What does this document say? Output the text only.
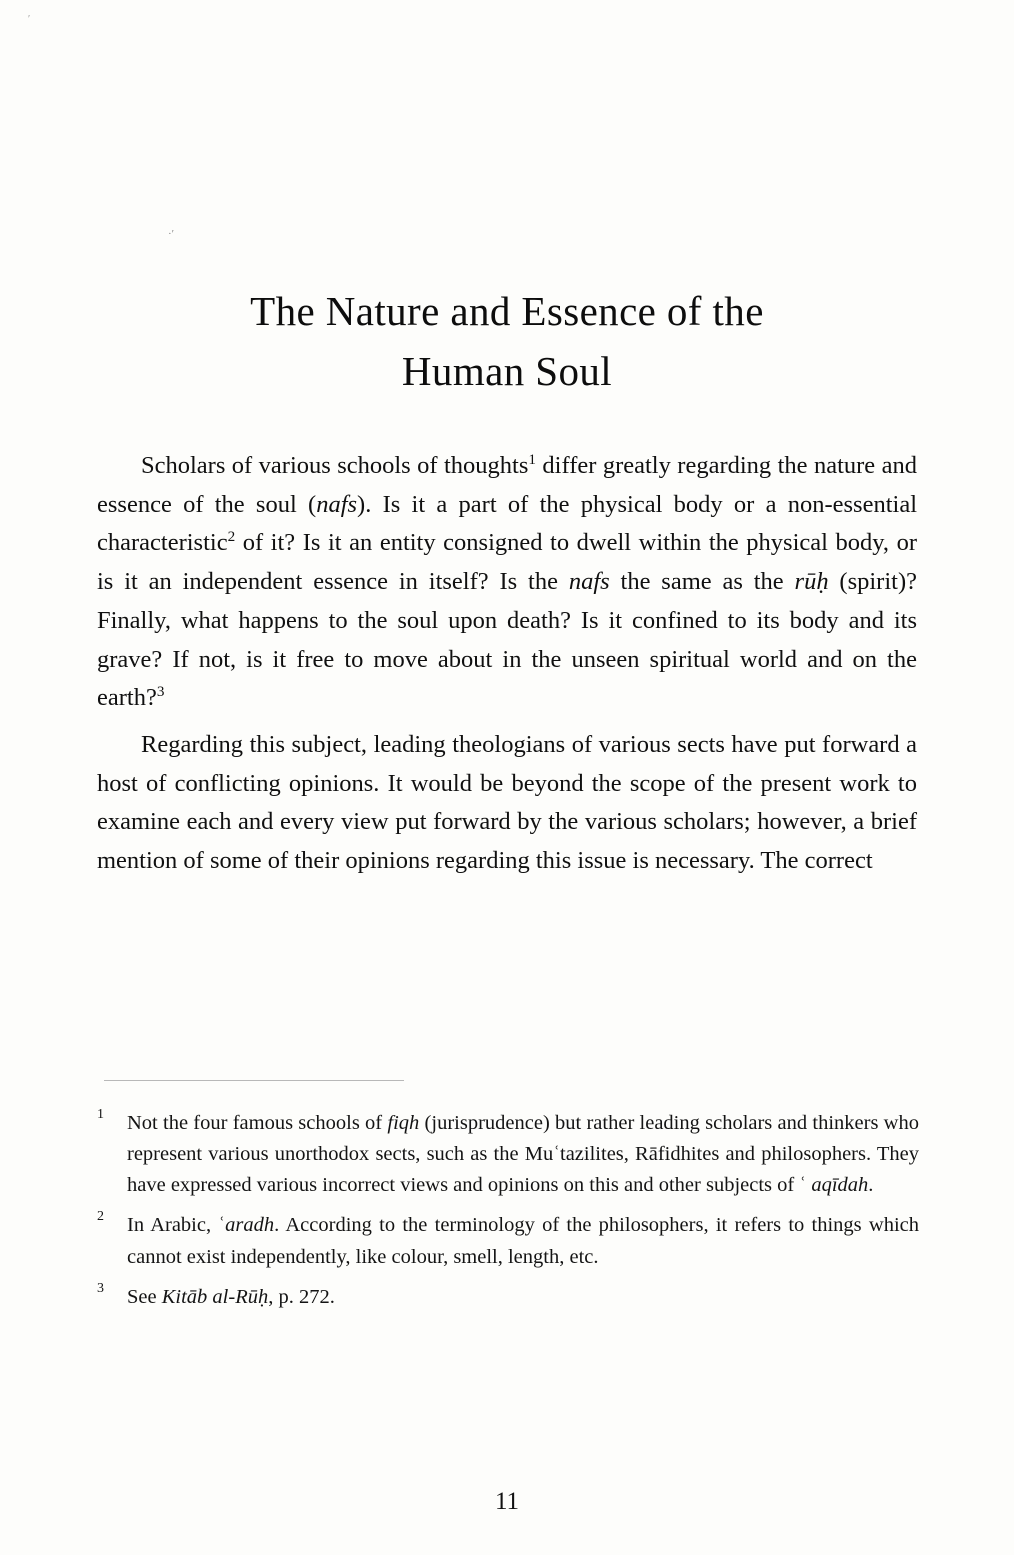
ʹ
·ʹ
The Nature and Essence of the
Human Soul

Scholars of various schools of thoughts$^1$ differ greatly regarding the nature and essence of the soul (nafs). Is it a part of the physical body or a non-essential characteristic$^2$ of it? Is it an entity consigned to dwell within the physical body, or is it an independent essence in itself? Is the nafs the same as the rūḥ (spirit)? Finally, what happens to the soul upon death? Is it confined to its body and its grave? If not, is it free to move about in the unseen spiritual world and on the earth?$^3$

Regarding this subject, leading theologians of various sects have put forward a host of conflicting opinions. It would be beyond the scope of the present work to examine each and every view put forward by the various scholars; however, a brief mention of some of their opinions regarding this issue is necessary. The correct

1 Not the four famous schools of fiqh (jurisprudence) but rather leading scholars and thinkers who represent various unorthodox sects, such as the Muʿtazilites, Rāfidhites and philosophers. They have expressed various incorrect views and opinions on this and other subjects of ʿ aqīdah.
2 In Arabic, ʿaradh. According to the terminology of the philosophers, it refers to things which cannot exist independently, like colour, smell, length, etc.
3 See Kitāb al-Rūḥ, p. 272.
11
